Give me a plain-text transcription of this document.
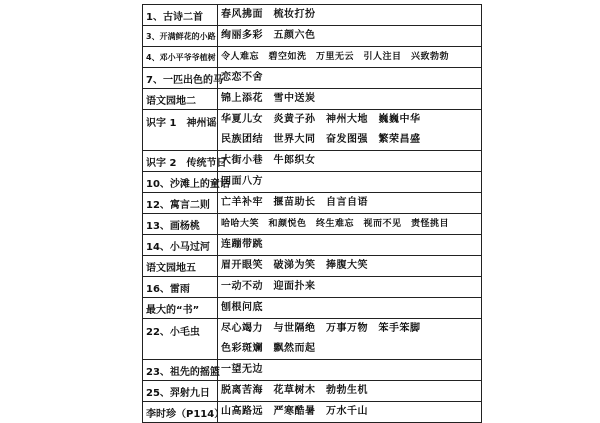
1、古诗二首	春风拂面　梳妆打扮

3、开满鲜花的小路	绚丽多彩　五颜六色

4、邓小平爷爷植树	令人难忘　碧空如洗　万里无云　引人注目　兴致勃勃

7、一匹出色的马	恋恋不舍

语文园地二	锦上添花　雪中送炭

识字 1　神州谣	华夏儿女　炎黄子孙　神州大地　巍巍中华
民族团结　世界大同　奋发图强　繁荣昌盛

识字 2　传统节日	大街小巷　牛郎织女

10、沙滩上的童话	四面八方

12、寓言二则	亡羊补牢　揠苗助长　自言自语

13、画杨桃	哈哈大笑　和颜悦色　终生难忘　视而不见　责怪挑目

14、小马过河	连蹦带跳

语文园地五	眉开眼笑　破涕为笑　捧腹大笑

16、雷雨	一动不动　迎面扑来

最大的“书”	刨根问底

22、小毛虫	尽心竭力　与世隔绝　万事万物　笨手笨脚
色彩斑斓　飘然而起

23、祖先的摇篮	一望无边

25、羿射九日	脱离苦海　花草树木　勃勃生机

李时珍（P114）	山高路远　严寒酷暑　万水千山
